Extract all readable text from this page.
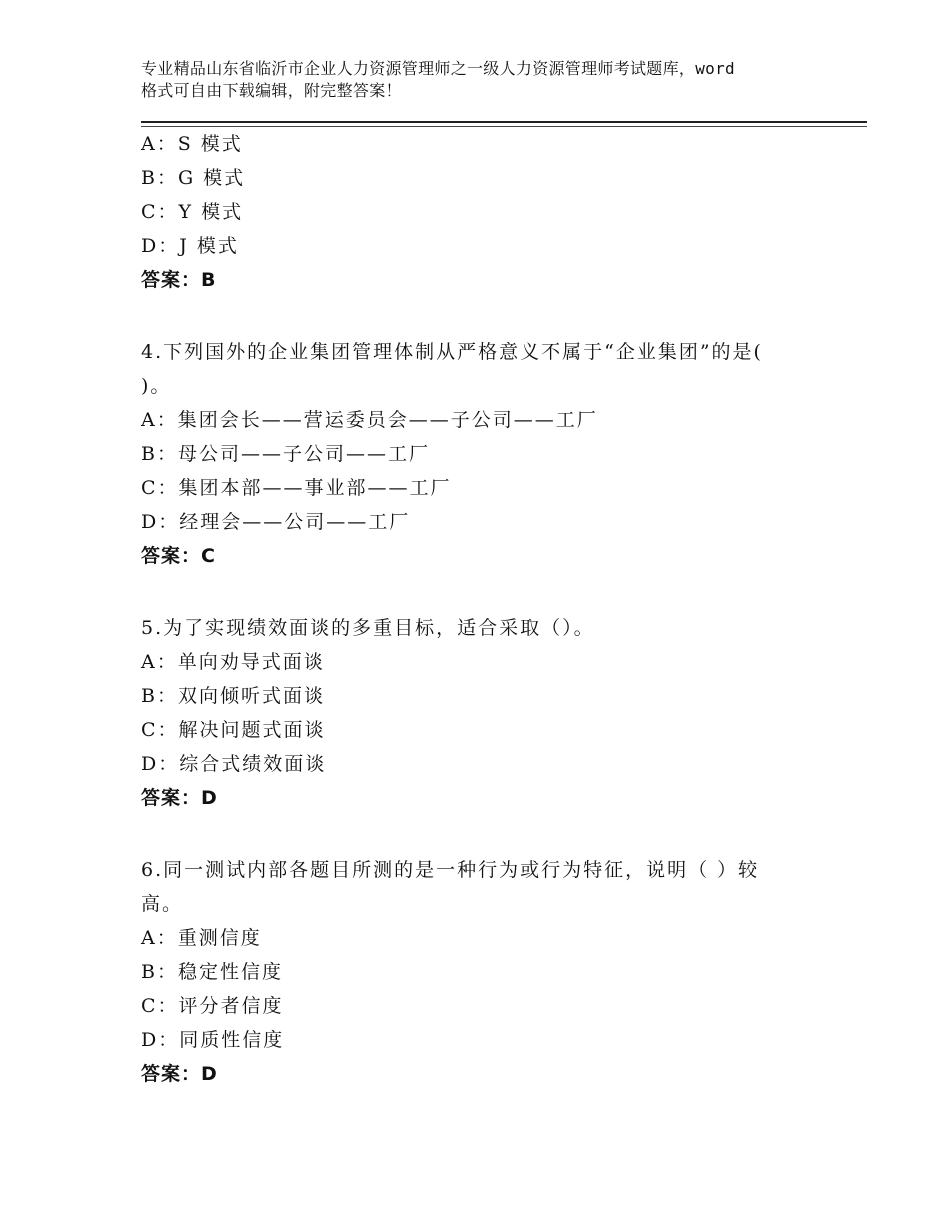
专业精品山东省临沂市企业人力资源管理师之一级人力资源管理师考试题库，word
格式可自由下载编辑，附完整答案！
A：S 模式
B：G 模式
C：Y 模式
D：J 模式
答案：B
4.下列国外的企业集团管理体制从严格意义不属于“企业集团”的是(
)。
A：集团会长——营运委员会——子公司——工厂
B：母公司——子公司——工厂
C：集团本部——事业部——工厂
D：经理会——公司——工厂
答案：C
5.为了实现绩效面谈的多重目标，适合采取（）。
A：单向劝导式面谈
B：双向倾听式面谈
C：解决问题式面谈
D：综合式绩效面谈
答案：D
6.同一测试内部各题目所测的是一种行为或行为特征，说明（ ）较
高。
A：重测信度
B：稳定性信度
C：评分者信度
D：同质性信度
答案：D
